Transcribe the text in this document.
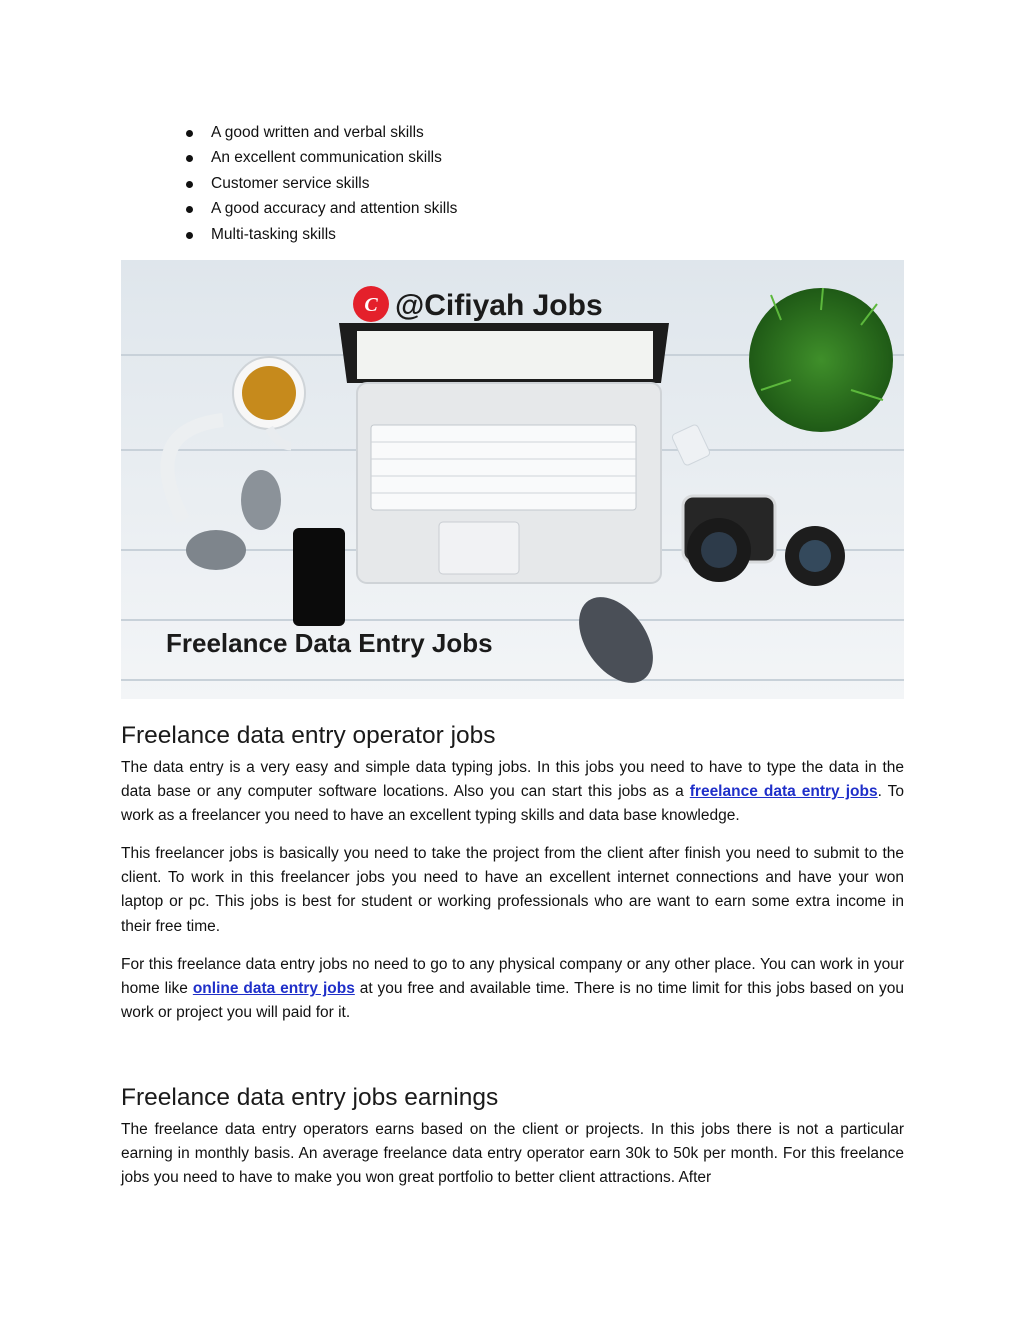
A good written and verbal skills
An excellent communication skills
Customer service skills
A good accuracy and attention skills
Multi-tasking skills
C @Cifiyah Jobs
Freelance Data Entry Jobs
Freelance data entry operator jobs

The data entry is a very easy and simple data typing jobs. In this jobs you need to have to type the data in the data base or any computer software locations. Also you can start this jobs as a freelance data entry jobs. To work as a freelancer you need to have an excellent typing skills and data base knowledge.

This freelancer jobs is basically you need to take the project from the client after finish you need to submit to the client. To work in this freelancer jobs you need to have an excellent internet connections and have your won laptop or pc. This jobs is best for student or working professionals who are want to earn some extra income in their free time.

For this freelance data entry jobs no need to go to any physical company or any other place. You can work in your home like online data entry jobs at you free and available time. There is no time limit for this jobs based on you work or project you will paid for it.

Freelance data entry jobs earnings

The freelance data entry operators earns based on the client or projects. In this jobs there is not a particular earning in monthly basis. An average freelance data entry operator earn 30k to 50k per month. For this freelance jobs you need to have to make you won great portfolio to better client attractions. After
